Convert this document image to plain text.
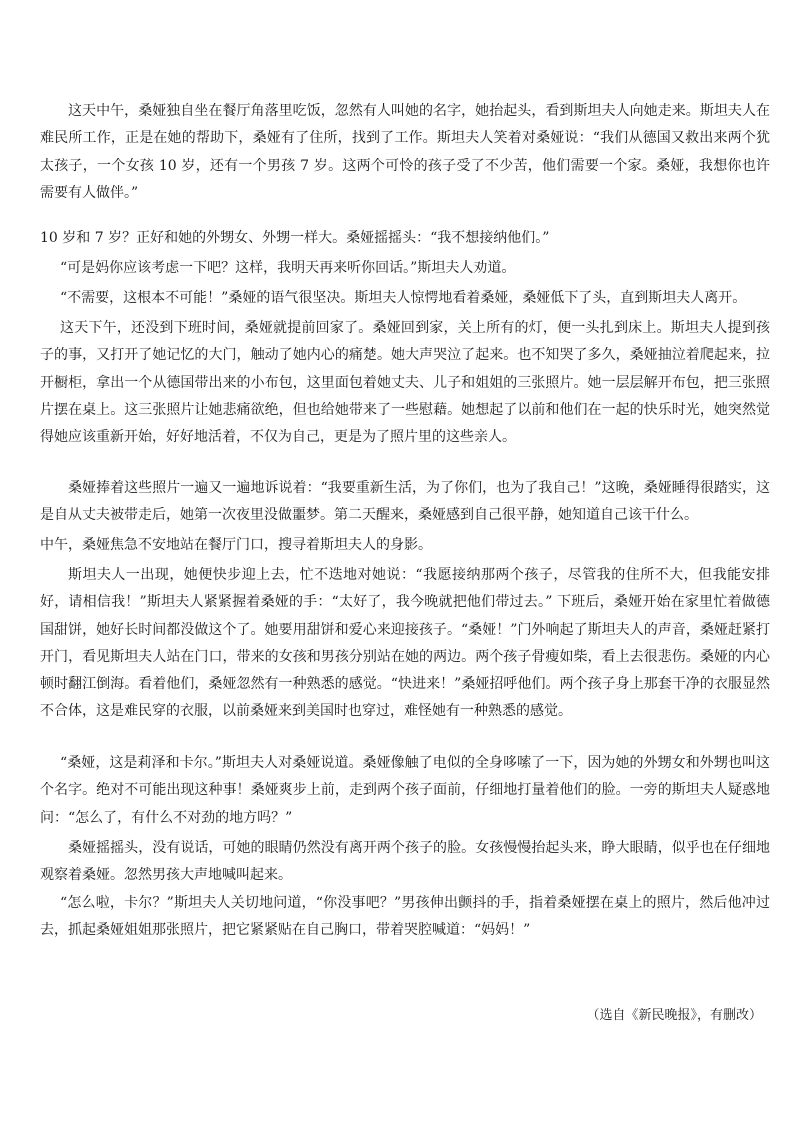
这天中午，桑娅独自坐在餐厅角落里吃饭，忽然有人叫她的名字，她抬起头，看到斯坦夫人向她走来。斯坦夫人在难民所工作，正是在她的帮助下，桑娅有了住所，找到了工作。斯坦夫人笑着对桑娅说：“我们从德国又救出来两个犹太孩子，一个女孩 10 岁，还有一个男孩 7 岁。这两个可怜的孩子受了不少苦，他们需要一个家。桑娅，我想你也许需要有人做伴。”

10 岁和 7 岁？正好和她的外甥女、外甥一样大。桑娅摇摇头：“我不想接纳他们。”

“可是妈你应该考虑一下吧？这样，我明天再来听你回话。”斯坦夫人劝道。

“不需要，这根本不可能！”桑娅的语气很坚决。斯坦夫人惊愕地看着桑娅，桑娅低下了头，直到斯坦夫人离开。

这天下午，还没到下班时间，桑娅就提前回家了。桑娅回到家，关上所有的灯，便一头扎到床上。斯坦夫人提到孩子的事，又打开了她记忆的大门，触动了她内心的痛楚。她大声哭泣了起来。也不知哭了多久，桑娅抽泣着爬起来，拉开橱柜，拿出一个从德国带出来的小布包，这里面包着她丈夫、儿子和姐姐的三张照片。她一层层解开布包，把三张照片摆在桌上。这三张照片让她悲痛欲绝，但也给她带来了一些慰藉。她想起了以前和他们在一起的快乐时光，她突然觉得她应该重新开始，好好地活着，不仅为自己，更是为了照片里的这些亲人。

桑娅捧着这些照片一遍又一遍地诉说着：“我要重新生活，为了你们，也为了我自己！”这晚，桑娅睡得很踏实，这是自从丈夫被带走后，她第一次夜里没做噩梦。第二天醒来，桑娅感到自己很平静，她知道自己该干什么。

中午，桑娅焦急不安地站在餐厅门口，搜寻着斯坦夫人的身影。

斯坦夫人一出现，她便快步迎上去，忙不迭地对她说：“我愿接纳那两个孩子，尽管我的住所不大，但我能安排好，请相信我！”斯坦夫人紧紧握着桑娅的手：“太好了，我今晚就把他们带过去。” 下班后，桑娅开始在家里忙着做德国甜饼，她好长时间都没做这个了。她要用甜饼和爱心来迎接孩子。“桑娅！”门外响起了斯坦夫人的声音，桑娅赶紧打开门，看见斯坦夫人站在门口，带来的女孩和男孩分别站在她的两边。两个孩子骨瘦如柴，看上去很悲伤。桑娅的内心顿时翻江倒海。看着他们，桑娅忽然有一种熟悉的感觉。“快进来！”桑娅招呼他们。两个孩子身上那套干净的衣服显然不合体，这是难民穿的衣服，以前桑娅来到美国时也穿过，难怪她有一种熟悉的感觉。

“桑娅，这是莉泽和卡尔。”斯坦夫人对桑娅说道。桑娅像触了电似的全身哆嗦了一下，因为她的外甥女和外甥也叫这个名字。绝对不可能出现这种事！桑娅爽步上前，走到两个孩子面前，仔细地打量着他们的脸。一旁的斯坦夫人疑惑地问：“怎么了，有什么不对劲的地方吗？”

桑娅摇摇头，没有说话，可她的眼睛仍然没有离开两个孩子的脸。女孩慢慢抬起头来，睁大眼睛，似乎也在仔细地观察着桑娅。忽然男孩大声地喊叫起来。

“怎么啦，卡尔？”斯坦夫人关切地问道，“你没事吧？”男孩伸出颤抖的手，指着桑娅摆在桌上的照片，然后他冲过去，抓起桑娅姐姐那张照片，把它紧紧贴在自己胸口，带着哭腔喊道：“妈妈！”

（选自《新民晚报》，有删改）
